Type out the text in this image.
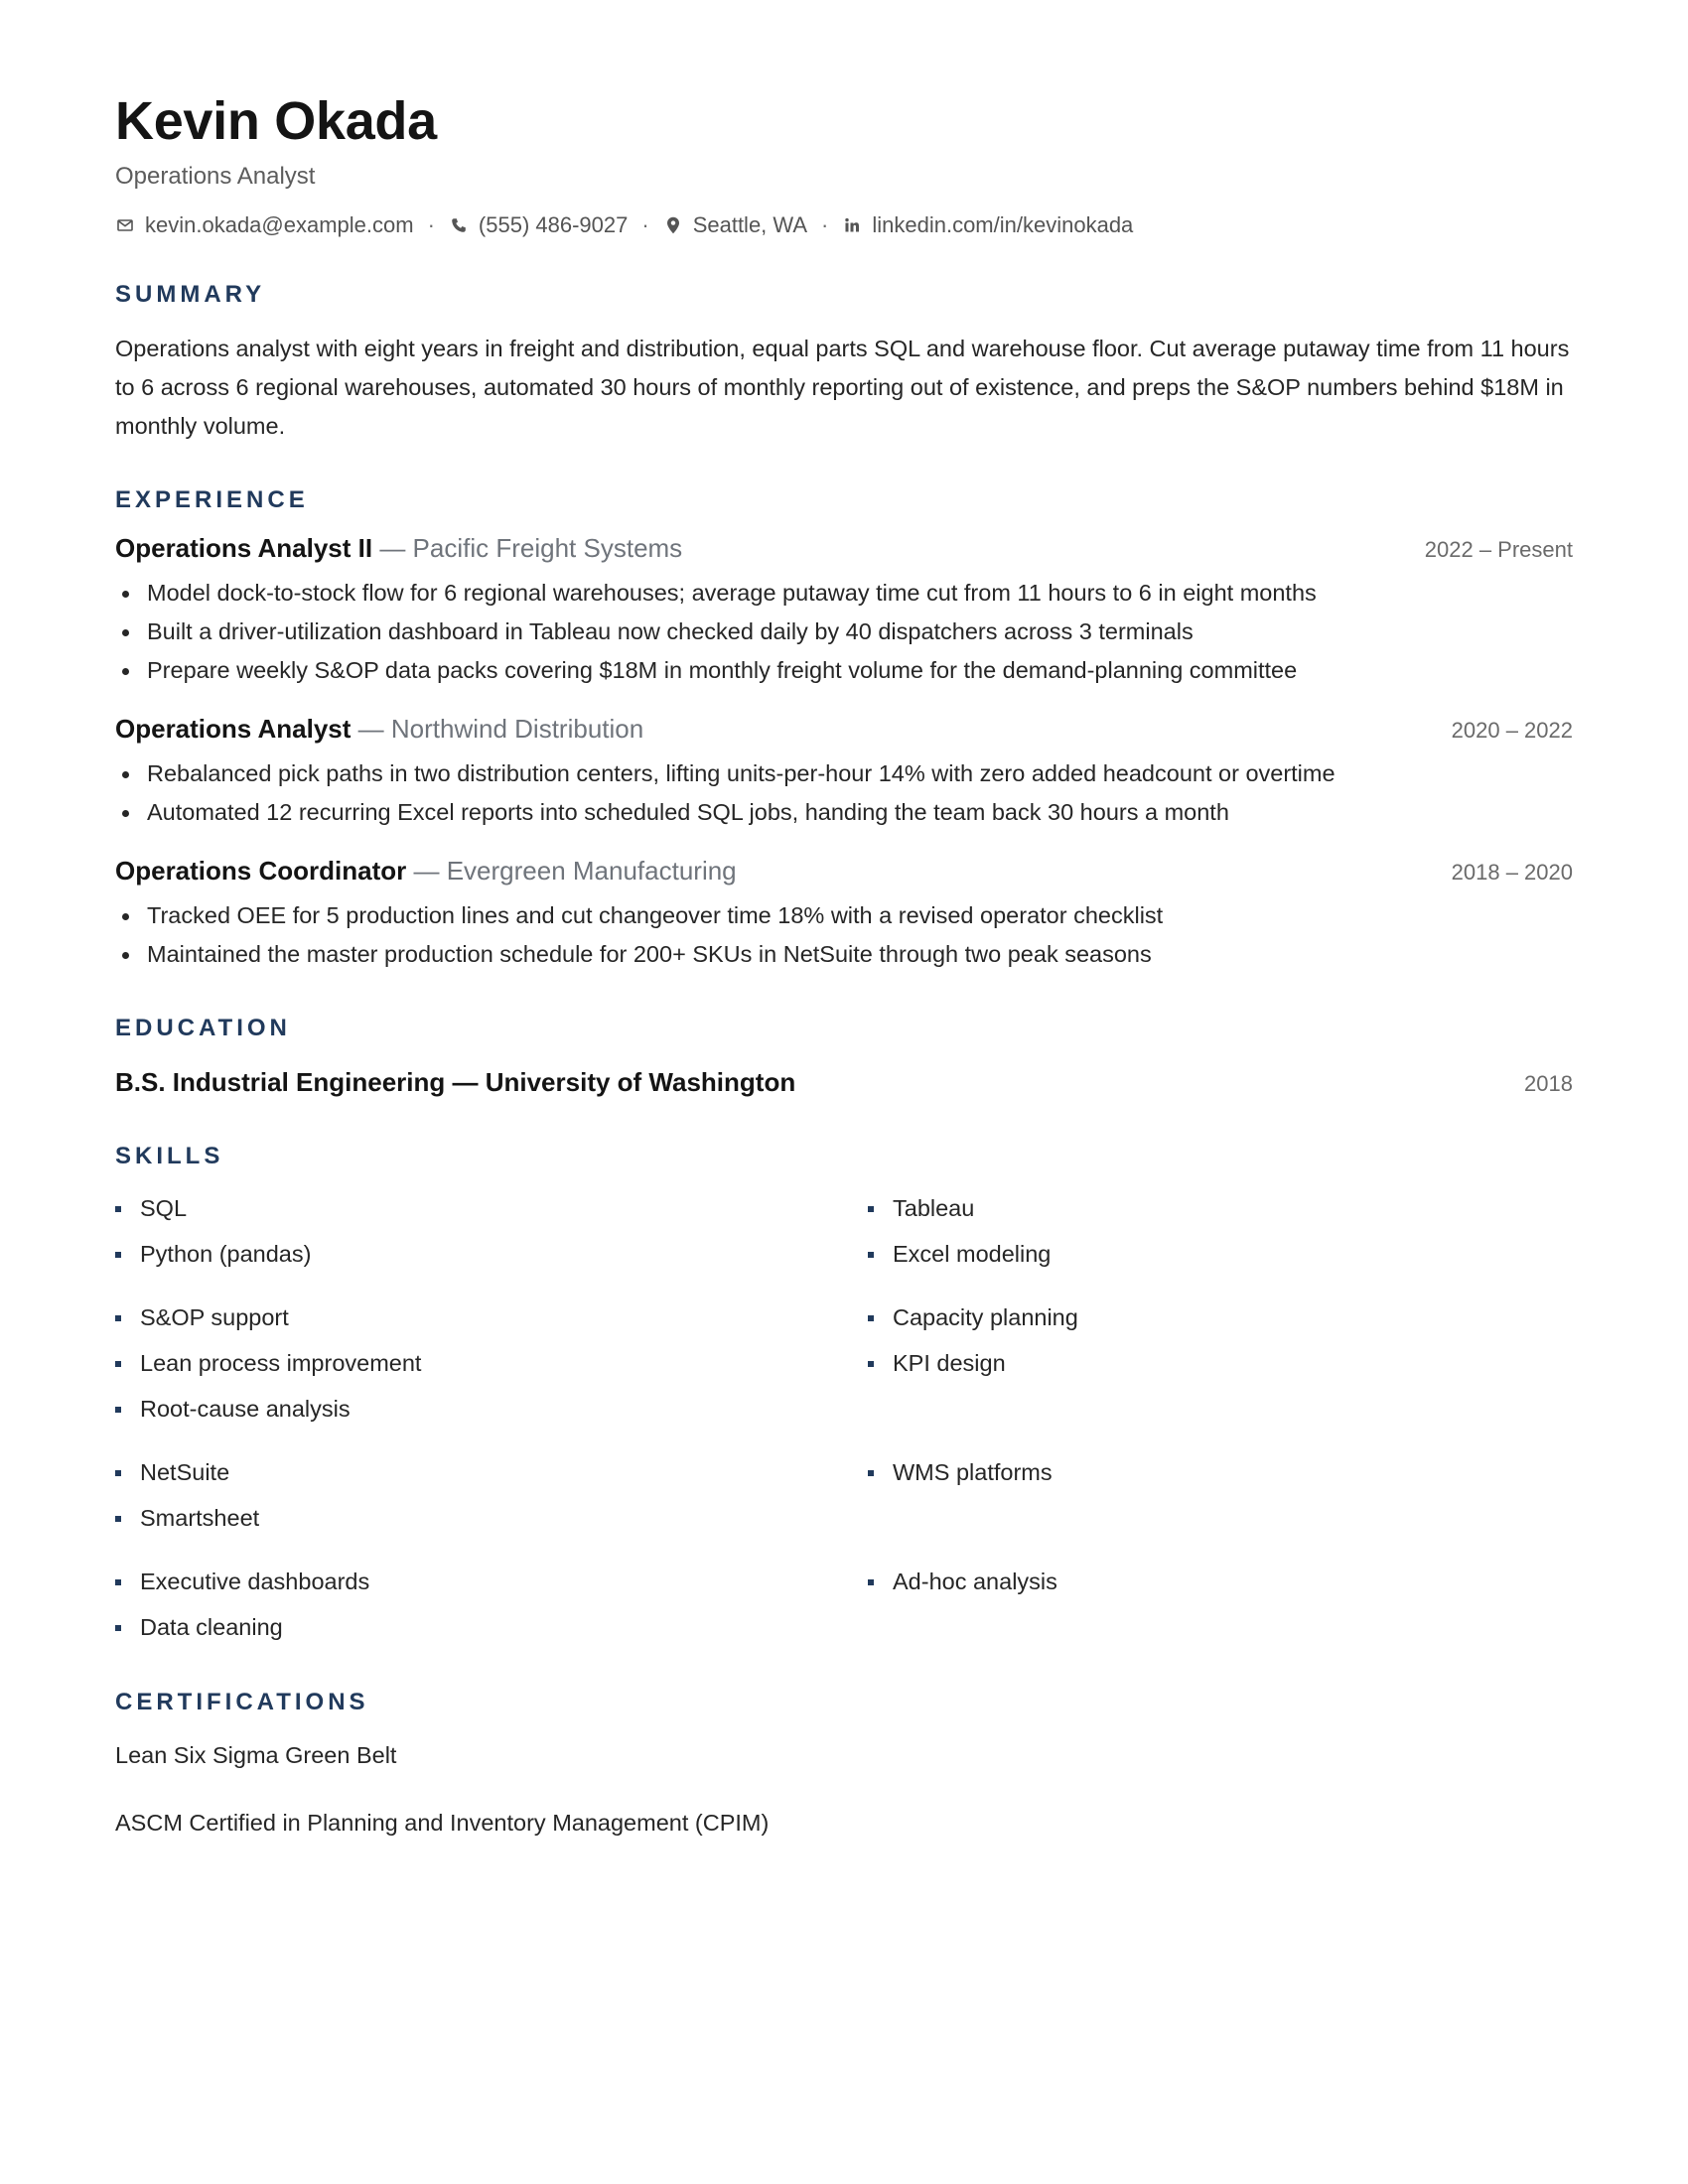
Kevin Okada
Operations Analyst
kevin.okada@example.com · (555) 486-9027 · Seattle, WA · linkedin.com/in/kevinokada
SUMMARY
Operations analyst with eight years in freight and distribution, equal parts SQL and warehouse floor. Cut average putaway time from 11 hours to 6 across 6 regional warehouses, automated 30 hours of monthly reporting out of existence, and preps the S&OP numbers behind $18M in monthly volume.
EXPERIENCE
Operations Analyst II — Pacific Freight Systems	2022 – Present
Model dock-to-stock flow for 6 regional warehouses; average putaway time cut from 11 hours to 6 in eight months
Built a driver-utilization dashboard in Tableau now checked daily by 40 dispatchers across 3 terminals
Prepare weekly S&OP data packs covering $18M in monthly freight volume for the demand-planning committee
Operations Analyst — Northwind Distribution	2020 – 2022
Rebalanced pick paths in two distribution centers, lifting units-per-hour 14% with zero added headcount or overtime
Automated 12 recurring Excel reports into scheduled SQL jobs, handing the team back 30 hours a month
Operations Coordinator — Evergreen Manufacturing	2018 – 2020
Tracked OEE for 5 production lines and cut changeover time 18% with a revised operator checklist
Maintained the master production schedule for 200+ SKUs in NetSuite through two peak seasons
EDUCATION
B.S. Industrial Engineering — University of Washington	2018
SKILLS
SQL	Tableau
Python (pandas)	Excel modeling
S&OP support	Capacity planning
Lean process improvement	KPI design
Root-cause analysis
NetSuite	WMS platforms
Smartsheet
Executive dashboards	Ad-hoc analysis
Data cleaning
CERTIFICATIONS
Lean Six Sigma Green Belt
ASCM Certified in Planning and Inventory Management (CPIM)
